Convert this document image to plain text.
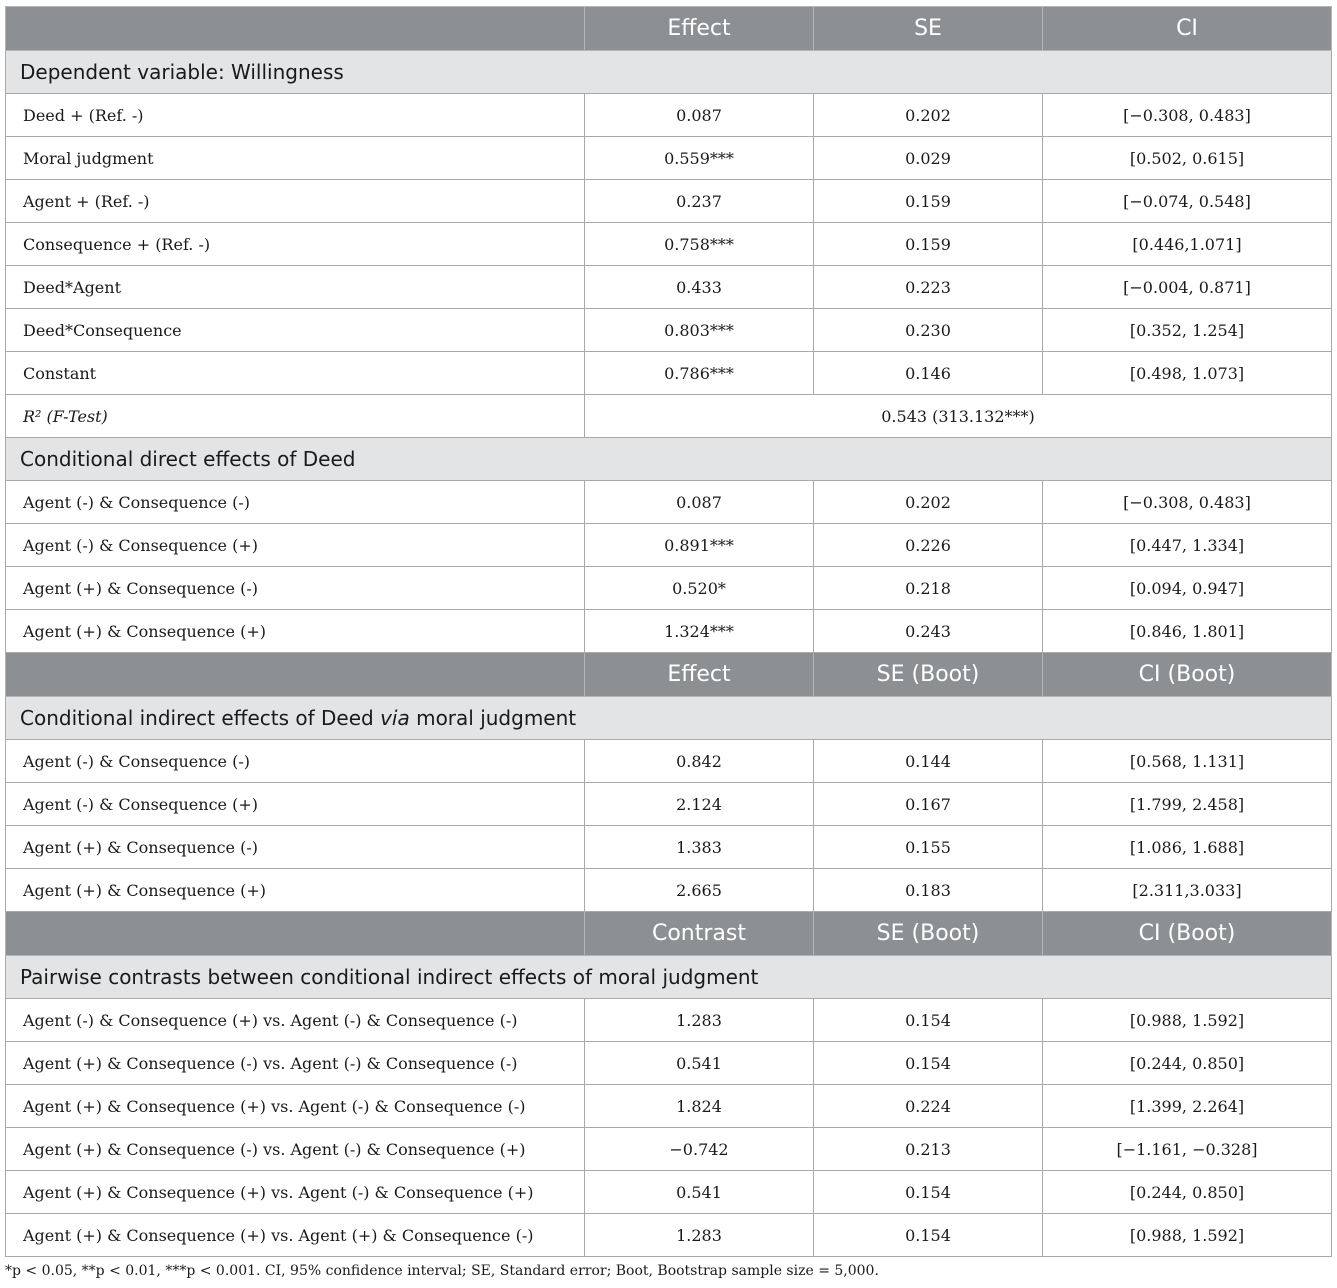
	Effect	SE	CI
Dependent variable: Willingness			
Deed + (Ref. -)	0.087	0.202	[−0.308, 0.483]
Moral judgment	0.559***	0.029	[0.502, 0.615]
Agent + (Ref. -)	0.237	0.159	[−0.074, 0.548]
Consequence + (Ref. -)	0.758***	0.159	[0.446,1.071]
Deed*Agent	0.433	0.223	[−0.004, 0.871]
Deed*Consequence	0.803***	0.230	[0.352, 1.254]
Constant	0.786***	0.146	[0.498, 1.073]
R² (F-Test)	0.543 (313.132***)		
Conditional direct effects of Deed			
Agent (-) & Consequence (-)	0.087	0.202	[−0.308, 0.483]
Agent (-) & Consequence (+)	0.891***	0.226	[0.447, 1.334]
Agent (+) & Consequence (-)	0.520*	0.218	[0.094, 0.947]
Agent (+) & Consequence (+)	1.324***	0.243	[0.846, 1.801]
	Effect	SE (Boot)	CI (Boot)
Conditional indirect effects of Deed via moral judgment			
Agent (-) & Consequence (-)	0.842	0.144	[0.568, 1.131]
Agent (-) & Consequence (+)	2.124	0.167	[1.799, 2.458]
Agent (+) & Consequence (-)	1.383	0.155	[1.086, 1.688]
Agent (+) & Consequence (+)	2.665	0.183	[2.311,3.033]
	Contrast	SE (Boot)	CI (Boot)
Pairwise contrasts between conditional indirect effects of moral judgment			
Agent (-) & Consequence (+) vs. Agent (-) & Consequence (-)	1.283	0.154	[0.988, 1.592]
Agent (+) & Consequence (-) vs. Agent (-) & Consequence (-)	0.541	0.154	[0.244, 0.850]
Agent (+) & Consequence (+) vs. Agent (-) & Consequence (-)	1.824	0.224	[1.399, 2.264]
Agent (+) & Consequence (-) vs. Agent (-) & Consequence (+)	−0.742	0.213	[−1.161, −0.328]
Agent (+) & Consequence (+) vs. Agent (-) & Consequence (+)	0.541	0.154	[0.244, 0.850]
Agent (+) & Consequence (+) vs. Agent (+) & Consequence (-)	1.283	0.154	[0.988, 1.592]
*p < 0.05, **p < 0.01, ***p < 0.001. CI, 95% confidence interval; SE, Standard error; Boot, Bootstrap sample size = 5,000.
